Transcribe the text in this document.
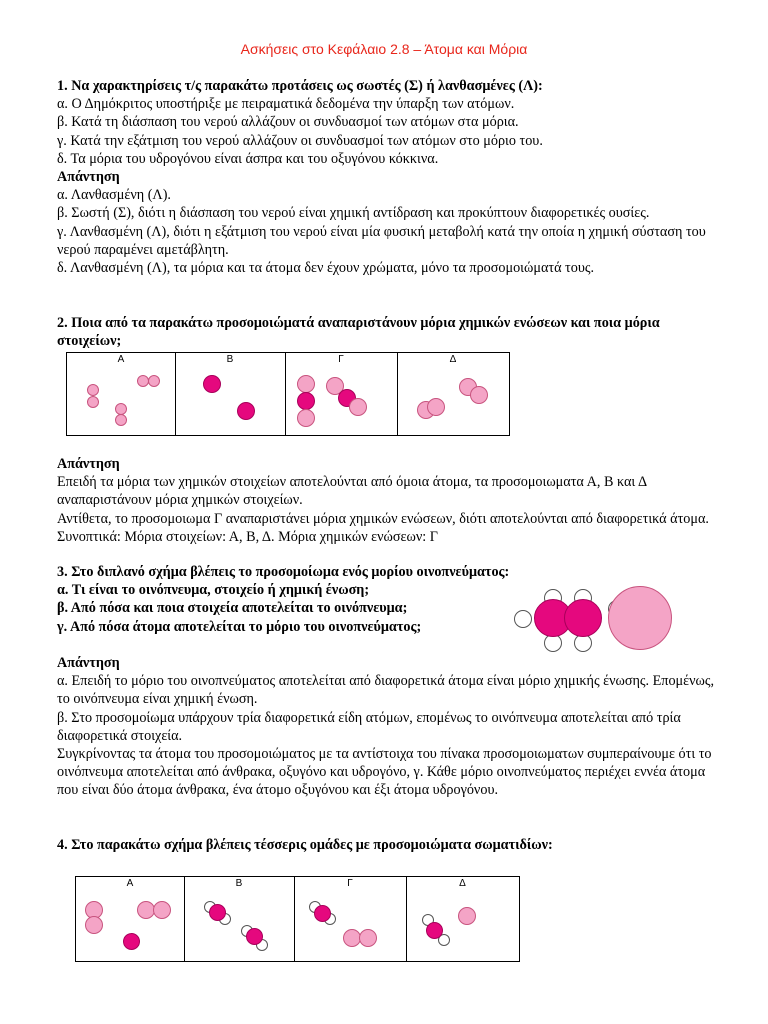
Ασκήσεις στο Κεφάλαιο 2.8 – Άτομα και Μόρια

1. Να χαρακτηρίσεις τ/ς παρακάτω προτάσεις ως σωστές (Σ) ή λανθασμένες (Λ):

α. Ο Δημόκριτος υποστήριξε με πειραματικά δεδομένα την ύπαρξη των ατόμων.

β. Κατά τη διάσπαση του νερού αλλάζουν οι συνδυασμοί των ατόμων στα μόρια.

γ. Κατά την εξάτμιση του νερού αλλάζουν οι συνδυασμοί των ατόμων στο μόριο του.

δ. Τα μόρια του υδρογόνου είναι άσπρα και του οξυγόνου κόκκινα.

Απάντηση

α. Λανθασμένη (Λ).

β. Σωστή (Σ), διότι η διάσπαση του νερού είναι χημική αντίδραση και προκύπτουν διαφορετικές ουσίες.

γ. Λανθασμένη (Λ), διότι η εξάτμιση του νερού είναι μία φυσική μεταβολή κατά την οποία η χημική σύσταση του νερού παραμένει αμετάβλητη.

δ. Λανθασμένη (Λ), τα μόρια και τα άτομα δεν έχουν χρώματα, μόνο τα προσομοιώματά τους.

2. Ποια από τα παρακάτω προσομοιώματά αναπαριστάνουν μόρια χημικών ενώσεων και ποια μόρια στοιχείων;

Α	Β	Γ	Δ

Απάντηση

Επειδή τα μόρια των χημικών στοιχείων αποτελούνται από όμοια άτομα, τα προσομοιωματα Α, Β και Δ αναπαριστάνουν μόρια χημικών στοιχείων.

Αντίθετα, το προσομοιωμα Γ αναπαριστάνει μόρια χημικών ενώσεων, διότι αποτελούνται από διαφορετικά άτομα. Συνοπτικά: Μόρια στοιχείων: Α, Β, Δ. Μόρια χημικών ενώσεων: Γ

3. Στο διπλανό σχήμα βλέπεις το προσομοίωμα ενός μορίου οινοπνεύματος:

α. Τι είναι το οινόπνευμα, στοιχείο ή χημική ένωση;

β. Από πόσα και ποια στοιχεία αποτελείται το οινόπνευμα;

γ. Από πόσα άτομα αποτελείται το μόριο του οινοπνεύματος;

Απάντηση

α. Επειδή το μόριο του οινοπνεύματος αποτελείται από διαφορετικά άτομα είναι μόριο χημικής ένωσης. Επομένως, το οινόπνευμα είναι χημική ένωση.

β. Στο προσομοίωμα υπάρχουν τρία διαφορετικά είδη ατόμων, επομένως το οινόπνευμα αποτελείται από τρία διαφορετικά στοιχεία.

Συγκρίνοντας τα άτομα του προσομοιώματος με τα αντίστοιχα του πίνακα προσομοιωματων συμπεραίνουμε ότι το οινόπνευμα αποτελείται από άνθρακα, οξυγόνο και υδρογόνο, γ. Κάθε μόριο οινοπνεύματος περιέχει εννέα άτομα που είναι δύο άτομα άνθρακα, ένα άτομο οξυγόνου και έξι άτομα υδρογόνου.

4. Στο παρακάτω σχήμα βλέπεις τέσσερις ομάδες με προσομοιώματα σωματιδίων:

Α	Β	Γ	Δ
